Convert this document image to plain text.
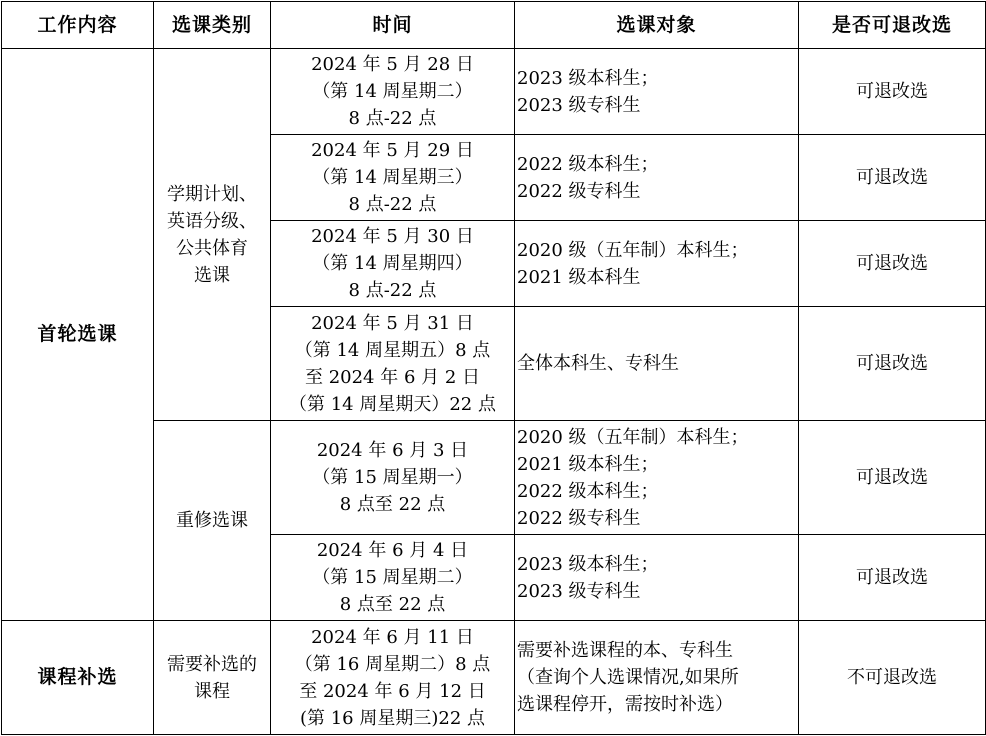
工作内容	选课类别	时间	选课对象	是否可退改选
首轮选课	学期计划、
英语分级、
公共体育
选课	2024 年 5 月 28 日
（第 14 周星期二）
8 点-22 点	2023 级本科生；
2023 级专科生	可退改选

		2024 年 5 月 29 日
（第 14 周星期三）
8 点-22 点	2022 级本科生；
2022 级专科生	可退改选

		2024 年 5 月 30 日
（第 14 周星期四）
8 点-22 点	2020 级（五年制）本科生；
2021 级本科生	可退改选

		2024 年 5 月 31 日
（第 14 周星期五）8 点
至 2024 年 6 月 2 日
（第 14 周星期天）22 点	全体本科生、专科生	可退改选

	重修选课	2024 年 6 月 3 日
（第 15 周星期一）
8 点至 22 点	2020 级（五年制）本科生；
2021 级本科生；
2022 级本科生；
2022 级专科生	可退改选

		2024 年 6 月 4 日
（第 15 周星期二）
8 点至 22 点	2023 级本科生；
2023 级专科生	可退改选
课程补选	需要补选的
课程	2024 年 6 月 11 日
（第 16 周星期二）8 点
至 2024 年 6 月 12 日
(第 16 周星期三)22 点	需要补选课程的本、专科生
（查询个人选课情况,如果所
选课程停开，需按时补选）	不可退改选
